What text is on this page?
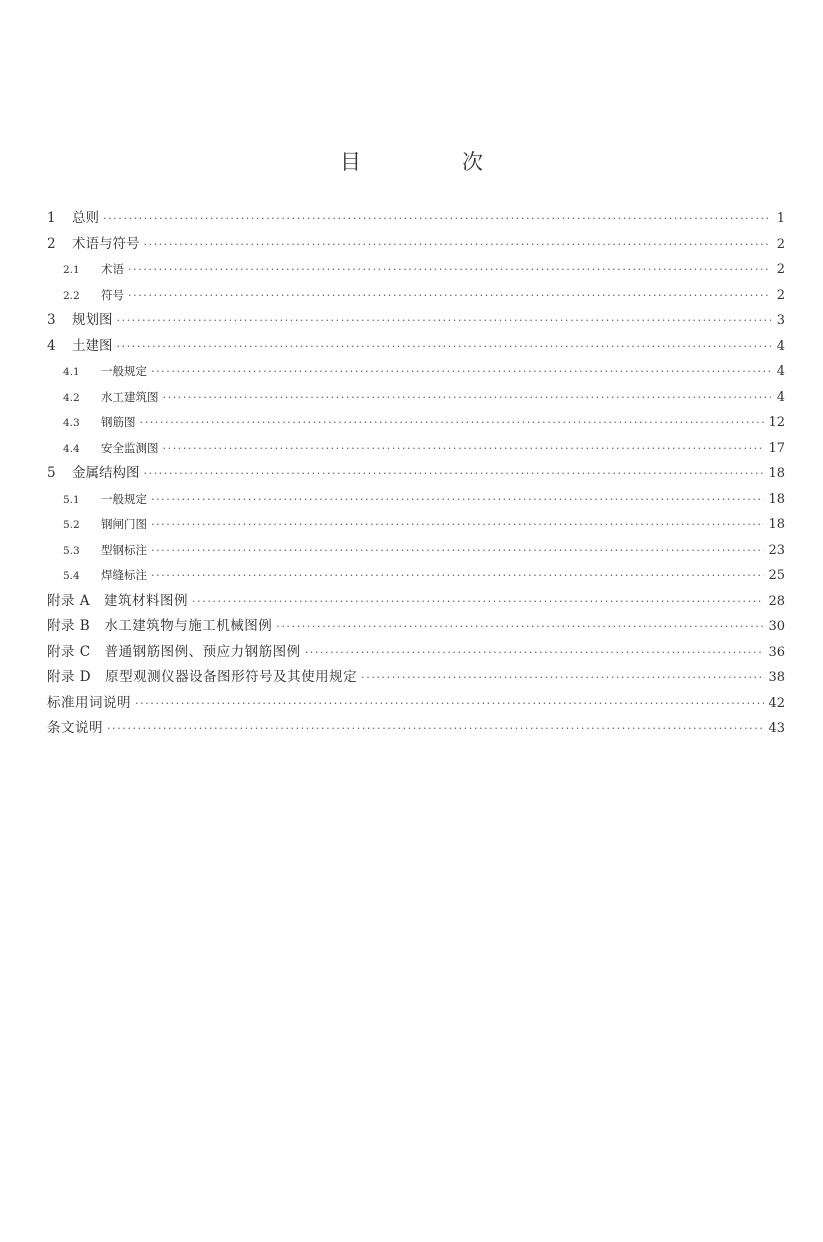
目　次
1	总则 ·····	1
2	术语与符号 ·····	2
2.1	术语 ·····	2
2.2	符号 ·····	2
3	规划图 ·····	3
4	土建图 ·····	4
4.1	一般规定 ·····	4
4.2	水工建筑图 ·····	4
4.3	钢筋图 ·····	12
4.4	安全监测图 ·····	17
5	金属结构图 ·····	18
5.1	一般规定 ·····	18
5.2	钢闸门图 ·····	18
5.3	型钢标注 ·····	23
5.4	焊缝标注 ·····	25
附录 A　建筑材料图例 ·····	28
附录 B　水工建筑物与施工机械图例 ·····	30
附录 C　普通钢筋图例、预应力钢筋图例 ·····	36
附录 D　原型观测仪器设备图形符号及其使用规定 ·····	38
标准用词说明 ·····	42
条文说明 ·····	43
